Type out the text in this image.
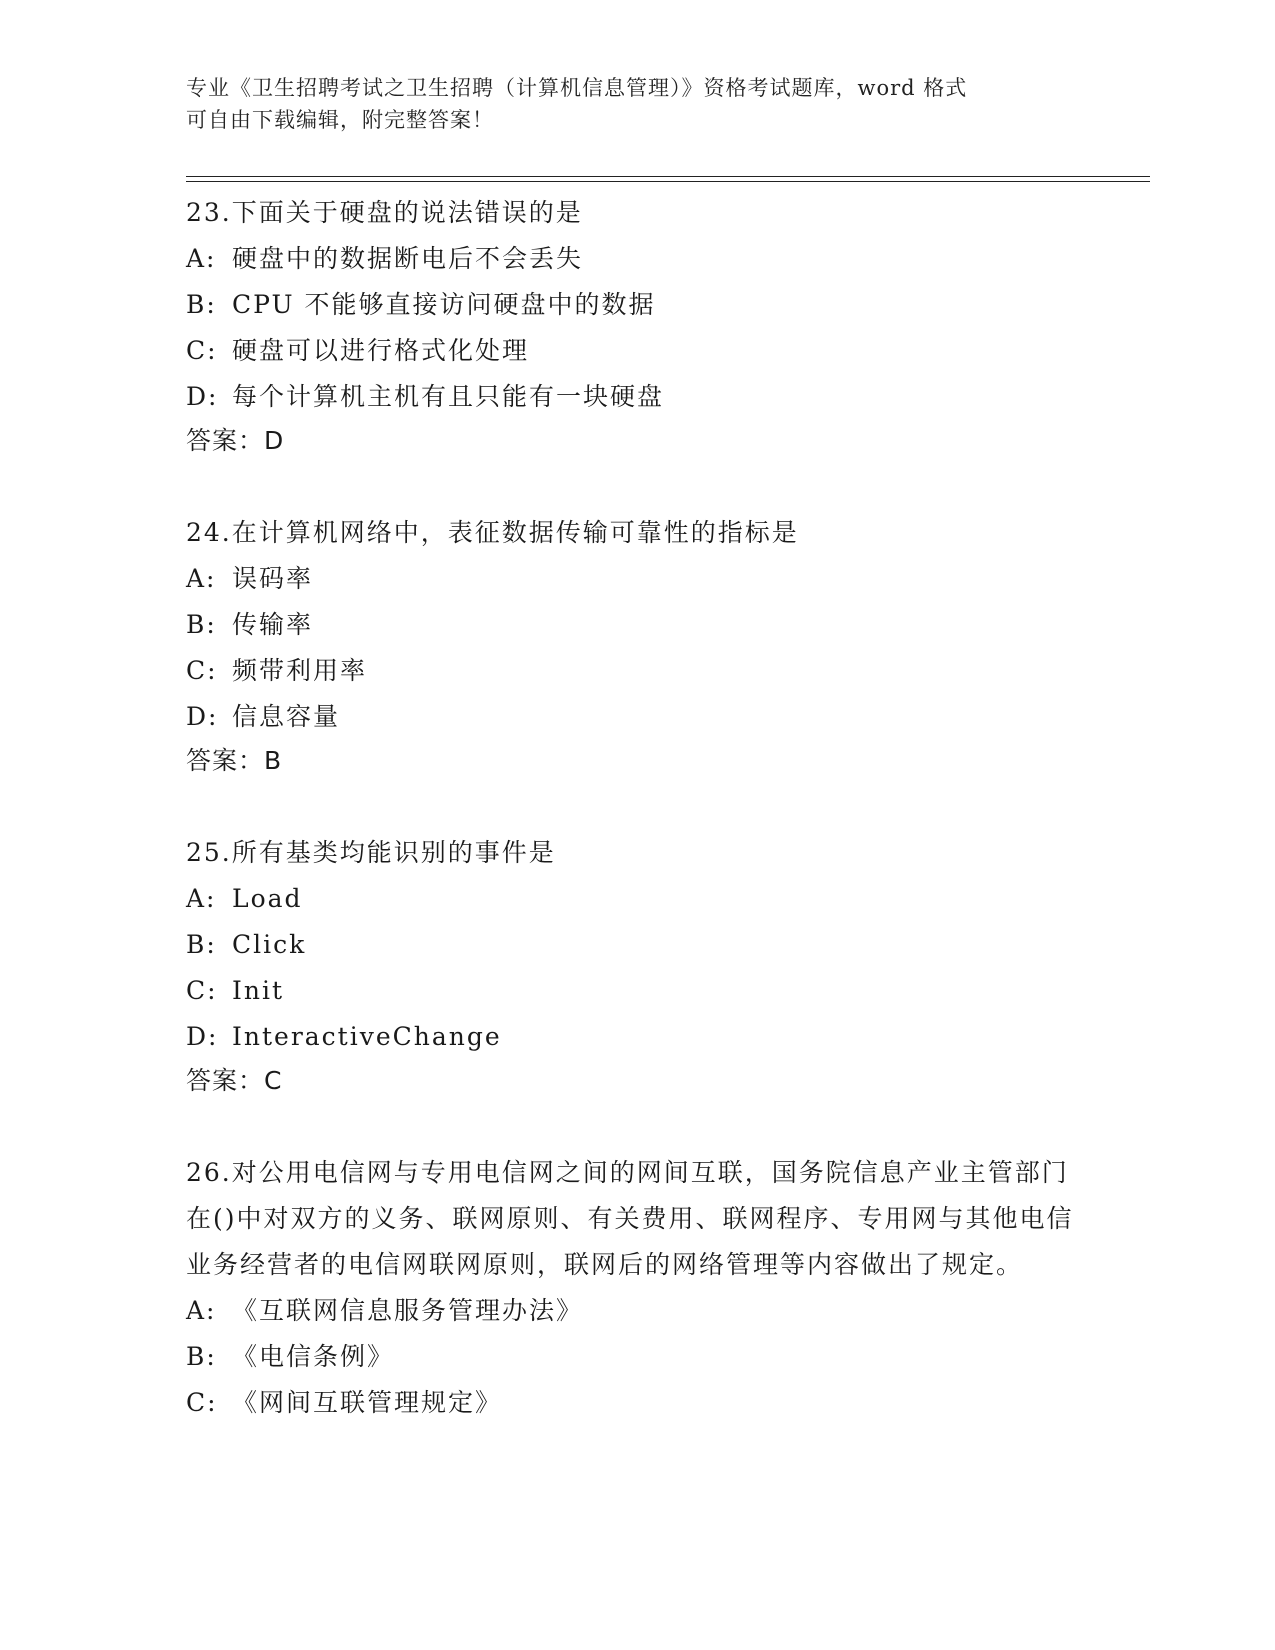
专业《卫生招聘考试之卫生招聘（计算机信息管理）》资格考试题库，word 格式
可自由下载编辑，附完整答案！
23.下面关于硬盘的说法错误的是
A: 硬盘中的数据断电后不会丢失
B: CPU 不能够直接访问硬盘中的数据
C: 硬盘可以进行格式化处理
D: 每个计算机主机有且只能有一块硬盘
答案：D
24.在计算机网络中，表征数据传输可靠性的指标是
A: 误码率
B: 传输率
C: 频带利用率
D: 信息容量
答案：B
25.所有基类均能识别的事件是
A: Load
B: Click
C: Init
D: InteractiveChange
答案：C
26.对公用电信网与专用电信网之间的网间互联，国务院信息产业主管部门在()中对双方的义务、联网原则、有关费用、联网程序、专用网与其他电信业务经营者的电信网联网原则，联网后的网络管理等内容做出了规定。
A: 《互联网信息服务管理办法》
B: 《电信条例》
C: 《网间互联管理规定》
